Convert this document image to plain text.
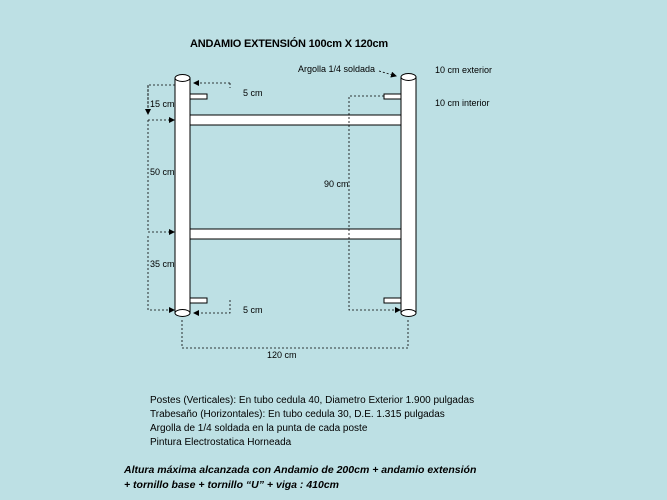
ANDAMIO EXTENSIÓN 100cm X 120cm
Argolla 1/4 soldada	10 cm exterior
10 cm interior
15 cm
5 cm
50 cm
90 cm
35 cm
5 cm
120 cm
Postes (Verticales): En tubo cedula 40, Diametro Exterior 1.900 pulgadas
Trabesaño (Horizontales): En tubo cedula 30, D.E. 1.315 pulgadas
Argolla de 1/4 soldada en la punta de cada poste
Pintura Electrostatica Horneada
Altura máxima alcanzada con Andamio de 200cm + andamio extensión
+ tornillo base + tornillo “U” + viga : 410cm
